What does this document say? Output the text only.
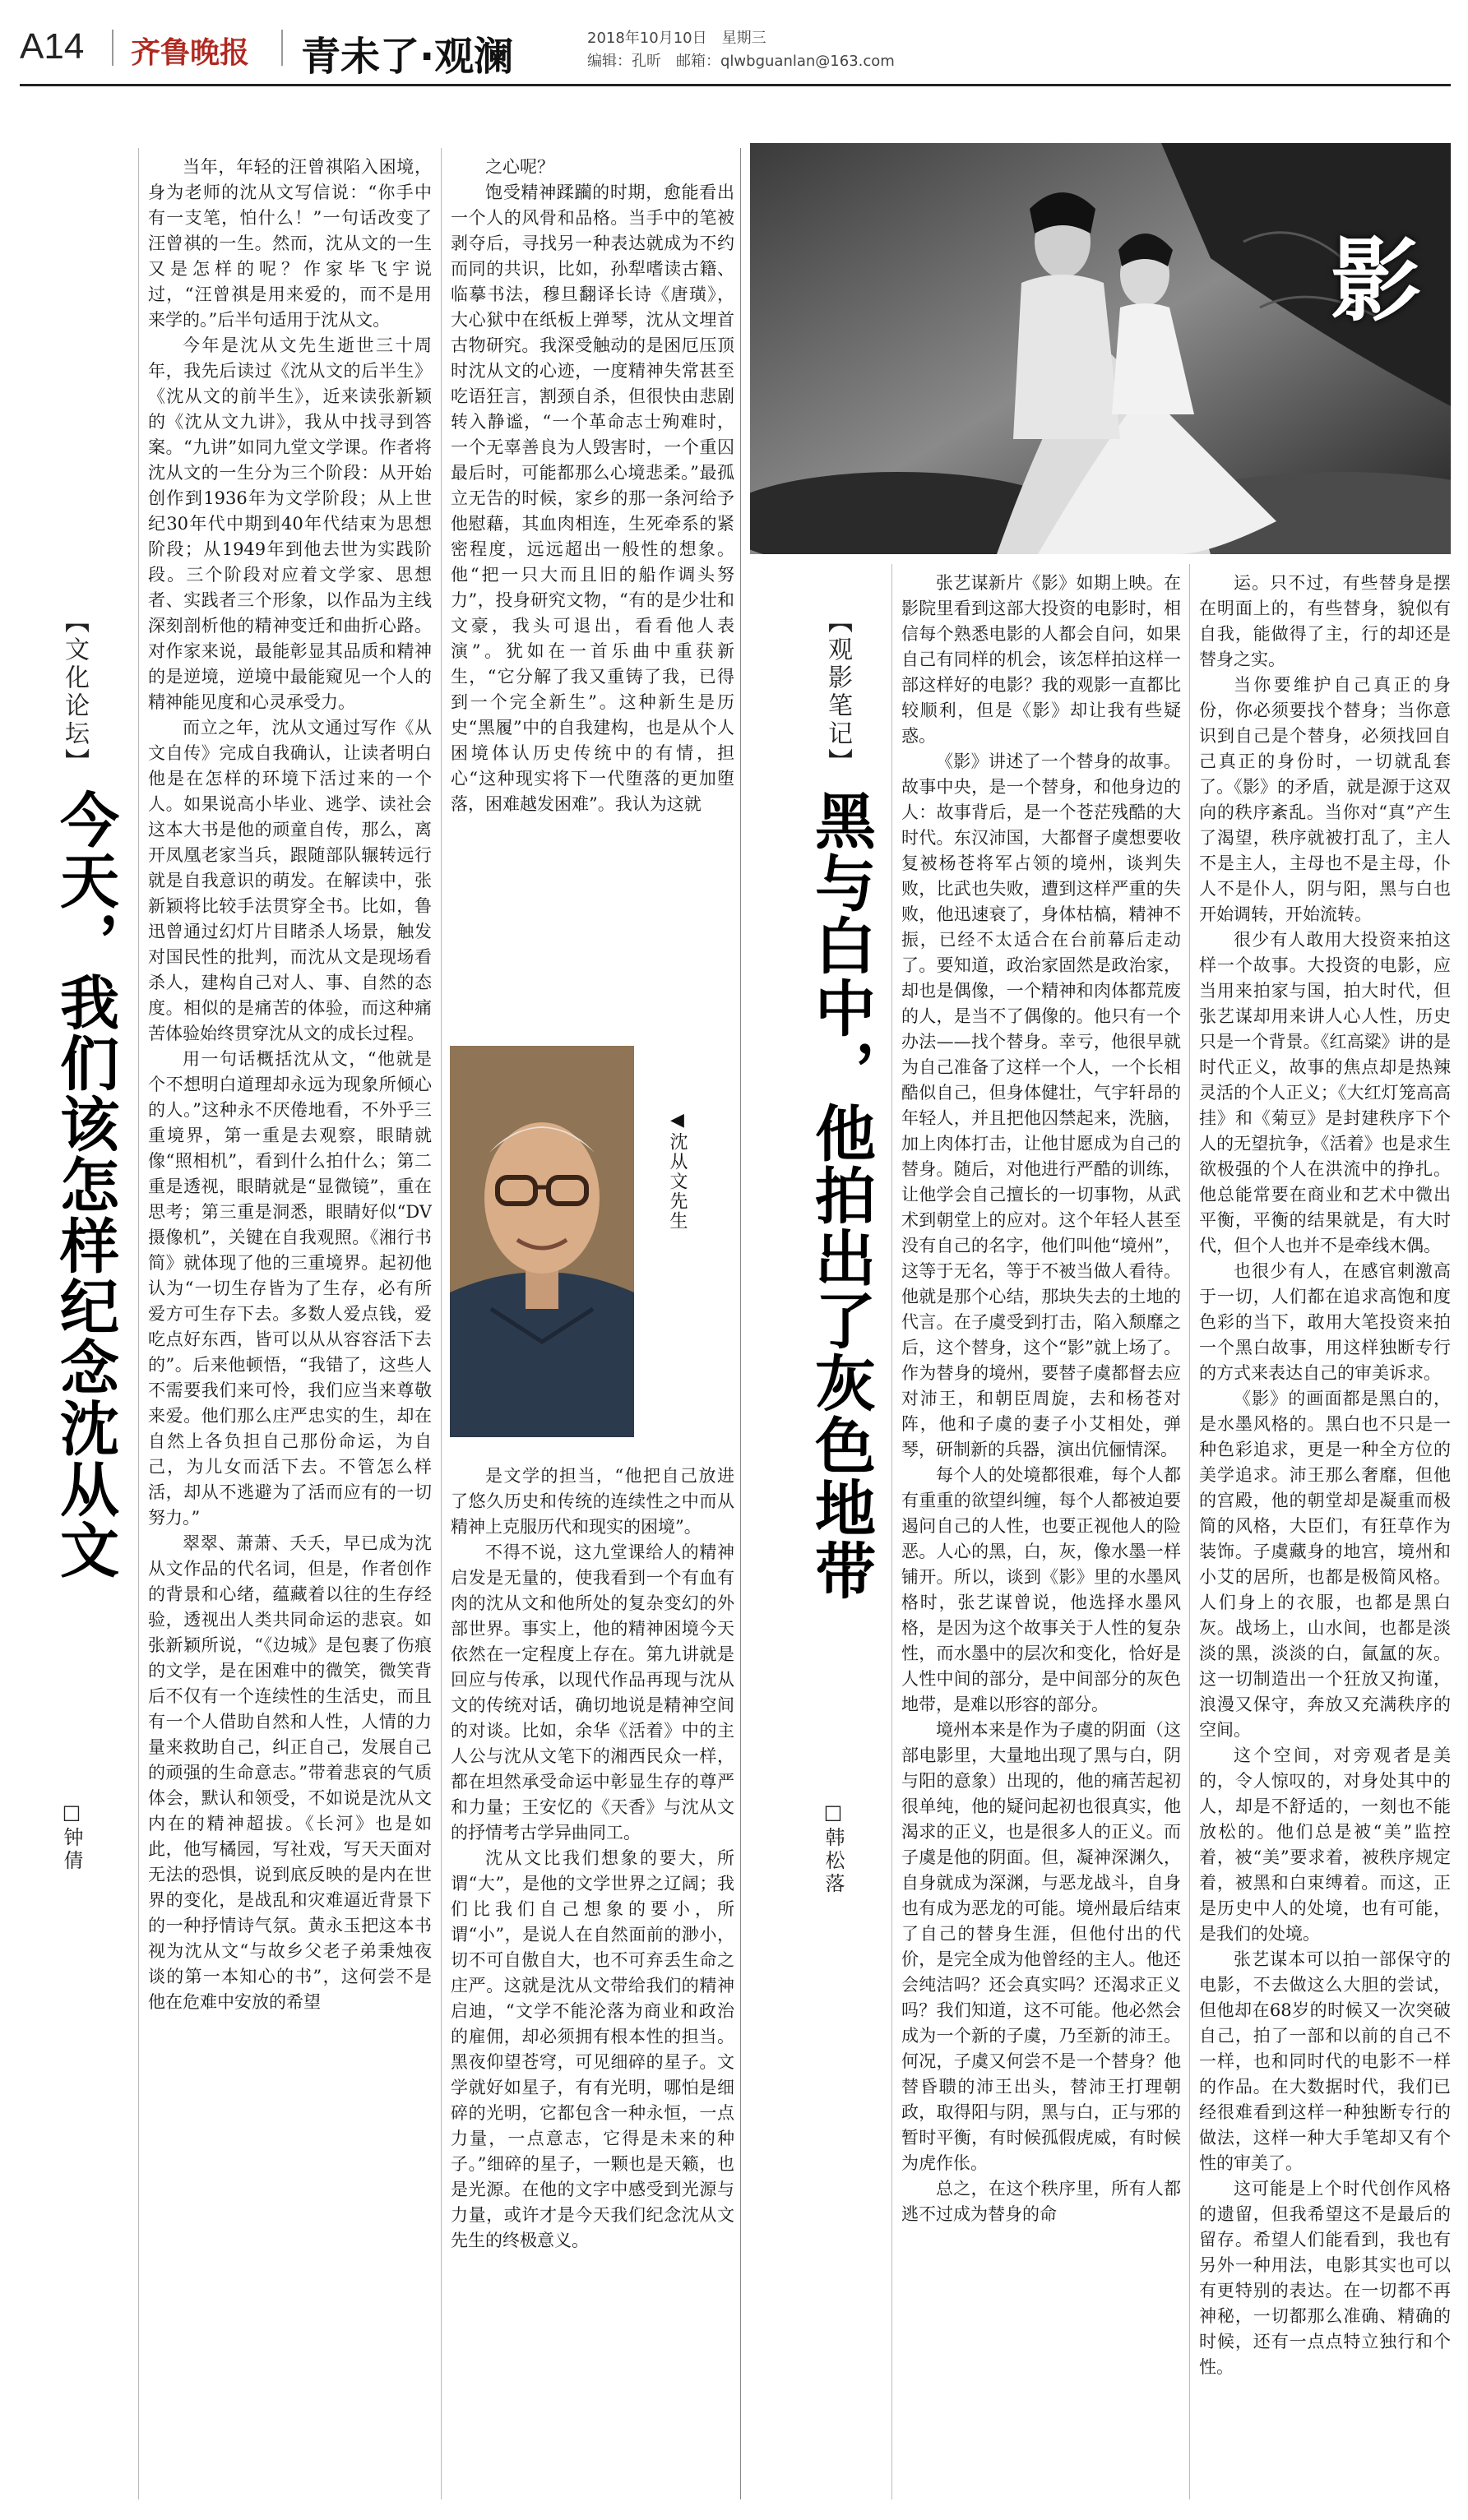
A14 齐鲁晚报 青未了·观澜	2018年10月10日　星期三
编辑：孔昕　邮箱：qlwbguanlan@163.com
【文化论坛】
今天，我们该怎样纪念沈从文
□钟倩

当年，年轻的汪曾祺陷入困境，身为老师的沈从文写信说：“你手中有一支笔，怕什么！”一句话改变了汪曾祺的一生。然而，沈从文的一生又是怎样的呢？作家毕飞宇说过，“汪曾祺是用来爱的，而不是用来学的。”后半句适用于沈从文。

今年是沈从文先生逝世三十周年，我先后读过《沈从文的后半生》《沈从文的前半生》，近来读张新颖的《沈从文九讲》，我从中找寻到答案。“九讲”如同九堂文学课。作者将沈从文的一生分为三个阶段：从开始创作到1936年为文学阶段；从上世纪30年代中期到40年代结束为思想阶段；从1949年到他去世为实践阶段。三个阶段对应着文学家、思想者、实践者三个形象，以作品为主线深刻剖析他的精神变迁和曲折心路。对作家来说，最能彰显其品质和精神的是逆境，逆境中最能窥见一个人的精神能见度和心灵承受力。

而立之年，沈从文通过写作《从文自传》完成自我确认，让读者明白他是在怎样的环境下活过来的一个人。如果说高小毕业、逃学、读社会这本大书是他的顽童自传，那么，离开凤凰老家当兵，跟随部队辗转远行就是自我意识的萌发。在解读中，张新颖将比较手法贯穿全书。比如，鲁迅曾通过幻灯片目睹杀人场景，触发对国民性的批判，而沈从文是现场看杀人，建构自己对人、事、自然的态度。相似的是痛苦的体验，而这种痛苦体验始终贯穿沈从文的成长过程。

用一句话概括沈从文，“他就是个不想明白道理却永远为现象所倾心的人。”这种永不厌倦地看，不外乎三重境界，第一重是去观察，眼睛就像“照相机”，看到什么拍什么；第二重是透视，眼睛就是“显微镜”，重在思考；第三重是洞悉，眼睛好似“DV摄像机”，关键在自我观照。《湘行书简》就体现了他的三重境界。起初他认为“一切生存皆为了生存，必有所爱方可生存下去。多数人爱点钱，爱吃点好东西，皆可以从从容容活下去的”。后来他顿悟，“我错了，这些人不需要我们来可怜，我们应当来尊敬来爱。他们那么庄严忠实的生，却在自然上各负担自己那份命运，为自己，为儿女而活下去。不管怎么样活，却从不逃避为了活而应有的一切努力。”

翠翠、萧萧、夭夭，早已成为沈从文作品的代名词，但是，作者创作的背景和心绪，蕴藏着以往的生存经验，透视出人类共同命运的悲哀。如张新颖所说，“《边城》是包裹了伤痕的文学，是在困难中的微笑，微笑背后不仅有一个连续性的生活史，而且有一个人借助自然和人性，人情的力量来救助自己，纠正自己，发展自己的顽强的生命意志。”带着悲哀的气质体会，默认和领受，不如说是沈从文内在的精神超拔。《长河》也是如此，他写橘园，写社戏，写天天面对无法的恐惧，说到底反映的是内在世界的变化，是战乱和灾难逼近背景下的一种抒情诗气氛。黄永玉把这本书视为沈从文“与故乡父老子弟秉烛夜谈的第一本知心的书”，这何尝不是他在危难中安放的希望

之心呢？

饱受精神蹂躏的时期，愈能看出一个人的风骨和品格。当手中的笔被剥夺后，寻找另一种表达就成为不约而同的共识，比如，孙犁嗜读古籍、临摹书法，穆旦翻译长诗《唐璜》，大心狱中在纸板上弹琴，沈从文埋首古物研究。我深受触动的是困厄压顶时沈从文的心迹，一度精神失常甚至吃语狂言，割颈自杀，但很快由悲剧转入静谧，“一个革命志士殉难时，一个无辜善良为人毁害时，一个重囚最后时，可能都那么心境悲柔。”最孤立无告的时候，家乡的那一条河给予他慰藉，其血肉相连，生死牵系的紧密程度，远远超出一般性的想象。他“把一只大而且旧的船作调头努力”，投身研究文物，“有的是少壮和文豪，我头可退出，看看他人表演”。犹如在一首乐曲中重获新生，“它分解了我又重铸了我，已得到一个完全新生”。这种新生是历史“黑履”中的自我建构，也是从个人困境体认历史传统中的有情，担心“这种现实将下一代堕落的更加堕落，困难越发困难”。我认为这就

◀沈从文先生

是文学的担当，“他把自己放进了悠久历史和传统的连续性之中而从精神上克服历代和现实的困境”。

不得不说，这九堂课给人的精神启发是无量的，使我看到一个有血有肉的沈从文和他所处的复杂变幻的外部世界。事实上，他的精神困境今天依然在一定程度上存在。第九讲就是回应与传承，以现代作品再现与沈从文的传统对话，确切地说是精神空间的对谈。比如，余华《活着》中的主人公与沈从文笔下的湘西民众一样，都在坦然承受命运中彰显生存的尊严和力量；王安忆的《天香》与沈从文的抒情考古学异曲同工。

沈从文比我们想象的要大，所谓“大”，是他的文学世界之辽阔；我们比我们自己想象的要小，所谓“小”，是说人在自然面前的渺小，切不可自傲自大，也不可弃丢生命之庄严。这就是沈从文带给我们的精神启迪，“文学不能沦落为商业和政治的雇佣，却必须拥有根本性的担当。黑夜仰望苍穹，可见细碎的星子。文学就好如星子，有有光明，哪怕是细碎的光明，它都包含一种永恒，一点力量，一点意志，它得是未来的种子。”细碎的星子，一颗也是天籁，也是光源。在他的文字中感受到光源与力量，或许才是今天我们纪念沈从文先生的终极意义。

影
【观影笔记】
黑与白中，他拍出了灰色地带
□韩松落

张艺谋新片《影》如期上映。在影院里看到这部大投资的电影时，相信每个熟悉电影的人都会自问，如果自己有同样的机会，该怎样拍这样一部这样好的电影？我的观影一直都比较顺利，但是《影》却让我有些疑惑。

《影》讲述了一个替身的故事。故事中央，是一个替身，和他身边的人：故事背后，是一个苍茫残酷的大时代。东汉沛国，大都督子虞想要收复被杨苍将军占领的境州，谈判失败，比武也失败，遭到这样严重的失败，他迅速衰了，身体枯槁，精神不振，已经不太适合在台前幕后走动了。要知道，政治家固然是政治家，却也是偶像，一个精神和肉体都荒废的人，是当不了偶像的。他只有一个办法——找个替身。幸亏，他很早就为自己准备了这样一个人，一个长相酷似自己，但身体健壮，气宇轩昂的年轻人，并且把他囚禁起来，洗脑，加上肉体打击，让他甘愿成为自己的替身。随后，对他进行严酷的训练，让他学会自己擅长的一切事物，从武术到朝堂上的应对。这个年轻人甚至没有自己的名字，他们叫他“境州”，这等于无名，等于不被当做人看待。他就是那个心结，那块失去的土地的代言。在子虞受到打击，陷入颓靡之后，这个替身，这个“影”就上场了。作为替身的境州，要替子虞都督去应对沛王，和朝臣周旋，去和杨苍对阵，他和子虞的妻子小艾相处，弹琴，研制新的兵器，演出伉俪情深。

每个人的处境都很难，每个人都有重重的欲望纠缠，每个人都被迫要遏问自己的人性，也要正视他人的险恶。人心的黑，白，灰，像水墨一样铺开。所以，谈到《影》里的水墨风格时，张艺谋曾说，他选择水墨风格，是因为这个故事关于人性的复杂性，而水墨中的层次和变化，恰好是人性中间的部分，是中间部分的灰色地带，是难以形容的部分。

境州本来是作为子虞的阴面（这部电影里，大量地出现了黑与白，阴与阳的意象）出现的，他的痛苦起初很单纯，他的疑问起初也很真实，他渴求的正义，也是很多人的正义。而子虞是他的阴面。但，凝神深渊久，自身就成为深渊，与恶龙战斗，自身也有成为恶龙的可能。境州最后结束了自己的替身生涯，但他付出的代价，是完全成为他曾经的主人。他还会纯洁吗？还会真实吗？还渴求正义吗？我们知道，这不可能。他必然会成为一个新的子虞，乃至新的沛王。何况，子虞又何尝不是一个替身？他替昏聩的沛王出头，替沛王打理朝政，取得阳与阴，黑与白，正与邪的暂时平衡，有时候孤假虎威，有时候为虎作伥。

总之，在这个秩序里，所有人都逃不过成为替身的命

运。只不过，有些替身是摆在明面上的，有些替身，貌似有自我，能做得了主，行的却还是替身之实。

当你要维护自己真正的身份，你必须要找个替身；当你意识到自己是个替身，必须找回自己真正的身份时，一切就乱套了。《影》的矛盾，就是源于这双向的秩序紊乱。当你对“真”产生了渴望，秩序就被打乱了，主人不是主人，主母也不是主母，仆人不是仆人，阴与阳，黑与白也开始调转，开始流转。

很少有人敢用大投资来拍这样一个故事。大投资的电影，应当用来拍家与国，拍大时代，但张艺谋却用来讲人心人性，历史只是一个背景。《红高粱》讲的是时代正义，故事的焦点却是热辣灵活的个人正义；《大红灯笼高高挂》和《菊豆》是封建秩序下个人的无望抗争，《活着》也是求生欲极强的个人在洪流中的挣扎。他总能常要在商业和艺术中微出平衡，平衡的结果就是，有大时代，但个人也并不是牵线木偶。

也很少有人，在感官刺激高于一切，人们都在追求高饱和度色彩的当下，敢用大笔投资来拍一个黑白故事，用这样独断专行的方式来表达自己的审美诉求。

《影》的画面都是黑白的，是水墨风格的。黑白也不只是一种色彩追求，更是一种全方位的美学追求。沛王那么奢靡，但他的宫殿，他的朝堂却是凝重而极简的风格，大臣们，有狂草作为装饰。子虞藏身的地宫，境州和小艾的居所，也都是极简风格。人们身上的衣服，也都是黑白灰。战场上，山水间，也都是淡淡的黑，淡淡的白，氤氲的灰。这一切制造出一个狂放又拘谨，浪漫又保守，奔放又充满秩序的空间。

这个空间，对旁观者是美的，令人惊叹的，对身处其中的人，却是不舒适的，一刻也不能放松的。他们总是被“美”监控着，被“美”要求着，被秩序规定着，被黑和白束缚着。而这，正是历史中人的处境，也有可能，是我们的处境。

张艺谋本可以拍一部保守的电影，不去做这么大胆的尝试，但他却在68岁的时候又一次突破自己，拍了一部和以前的自己不一样，也和同时代的电影不一样的作品。在大数据时代，我们已经很难看到这样一种独断专行的做法，这样一种大手笔却又有个性的审美了。

这可能是上个时代创作风格的遗留，但我希望这不是最后的留存。希望人们能看到，我也有另外一种用法，电影其实也可以有更特别的表达。在一切都不再神秘，一切都那么准确、精确的时候，还有一点点特立独行和个性。
